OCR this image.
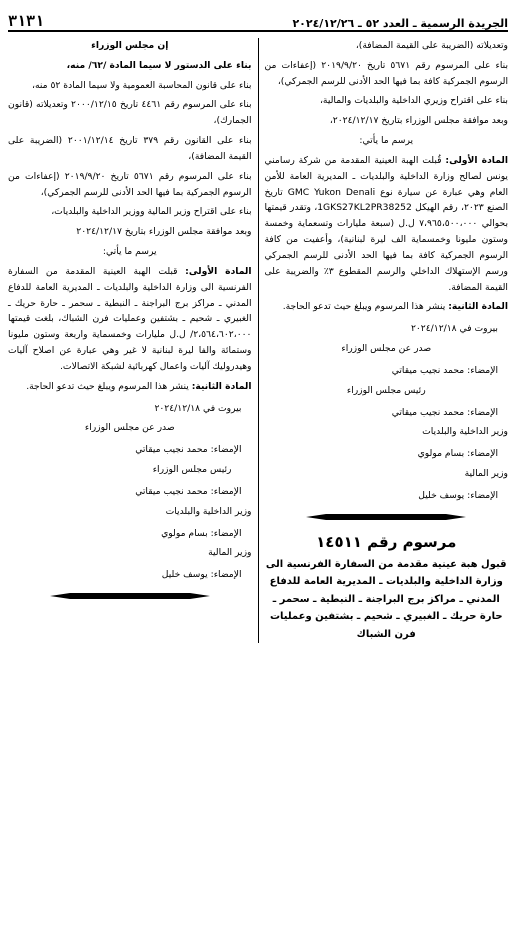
الجريدة الرسمية ـ العدد ٥٢ ـ ٢٠٢٤/١٢/٢٦
٣١٣١

وتعديلاته (الضريبة على القيمة المضافة)،

بناء على المرسوم رقم ٥٦٧١ تاريخ ٢٠١٩/٩/٢٠ (إعفاءات من الرسوم الجمركية كافة بما فيها الحد الأدنى للرسم الجمركي)،

بناء على اقتراح وزيري الداخلية والبلديات والمالية،

وبعد موافقة مجلس الوزراء بتاريخ ٢٠٢٤/١٢/١٧،

يرسم ما يأتي:

المادة الأولى: قُبلت الهبة العينية المقدمة من شركة رسامني يونس لصالح وزارة الداخلية والبلديات ـ المديرية العامة للأمن العام وهي عبارة عن سيارة نوع GMC Yukon Denali تاريخ الصنع ٢٠٢٣، رقم الهيكل 1GKS27KL2PR38252، وتقدر قيمتها بحوالي ٧،٩٦٥،٥٠٠،٠٠٠ ل.ل (سبعة مليارات وتسعماية وخمسة وستون مليونا وخمسماية الف ليرة لبنانية)، وأعفيت من كافة الرسوم الجمركية كافة بما فيها الحد الأدنى للرسم الجمركي ورسم الإستهلاك الداخلي والرسم المقطوع ٣٪ والضريبة على القيمة المضافة.

المادة الثانية: ينشر هذا المرسوم ويبلغ حيث تدعو الحاجة.

بيروت في ٢٠٢٤/١٢/١٨

صدر عن مجلس الوزراء

الإمضاء: محمد نجيب ميقاتي

رئيس مجلس الوزراء

الإمضاء: محمد نجيب ميقاتي

وزير الداخلية والبلديات

الإمضاء: بسام مولوي

وزير المالية

الإمضاء: يوسف خليل

مرسوم رقم ١٤٥١١
قبول هبة عينية مقدمة من السفارة الفرنسية الى وزارة الداخلية والبلديات ـ المديرية العامة للدفاع المدني ـ مراكز برج البراجنة ـ النبطية ـ سحمر ـ حارة حريك ـ الغبيري ـ شحيم ـ بشتفين وعمليات فرن الشباك

إن مجلس الوزراء

بناء على الدستور لا سيما المادة /٦٢/ منه،

بناء على قانون المحاسبة العمومية ولا سيما المادة ٥٢ منه،

بناء على المرسوم رقم ٤٤٦١ تاريخ ٢٠٠٠/١٢/١٥ وتعديلاته (قانون الجمارك)،

بناء على القانون رقم ٣٧٩ تاريخ ٢٠٠١/١٢/١٤ (الضريبة على القيمة المضافة)،

بناء على المرسوم رقم ٥٦٧١ تاريخ ٢٠١٩/٩/٢٠ (إعفاءات من الرسوم الجمركية بما فيها الحد الأدنى للرسم الجمركي)،

بناء على اقتراح وزير المالية ووزير الداخلية والبلديات،

وبعد موافقة مجلس الوزراء بتاريخ ٢٠٢٤/١٢/١٧

يرسم ما يأتي:

المادة الأولى: قبلت الهبة العينية المقدمة من السفارة الفرنسية الى وزارة الداخلية والبلديات ـ المديرية العامة للدفاع المدني ـ مراكز برج البراجنة ـ النبطية ـ سحمر ـ حارة حريك ـ الغبيري ـ شحيم ـ بشتفين وعمليات فرن الشباك، بلغت قيمتها ٢،٥٦٤،٦٠٢،٠٠٠/ ل.ل مليارات وخمسماية واربعة وستون مليونا وستمائة والفا ليرة لبنانية لا غير وهي عبارة عن اصلاح آليات وهيدروليك آليات واعمال كهربائية لشبكة الاتصالات.

المادة الثانية: ينشر هذا المرسوم ويبلغ حيث تدعو الحاجة.

بيروت في ٢٠٢٤/١٢/١٨

صدر عن مجلس الوزراء

الإمضاء: محمد نجيب ميقاتي

رئيس مجلس الوزراء

الإمضاء: محمد نجيب ميقاتي

وزير الداخلية والبلديات

الإمضاء: بسام مولوي

وزير المالية

الإمضاء: يوسف خليل
